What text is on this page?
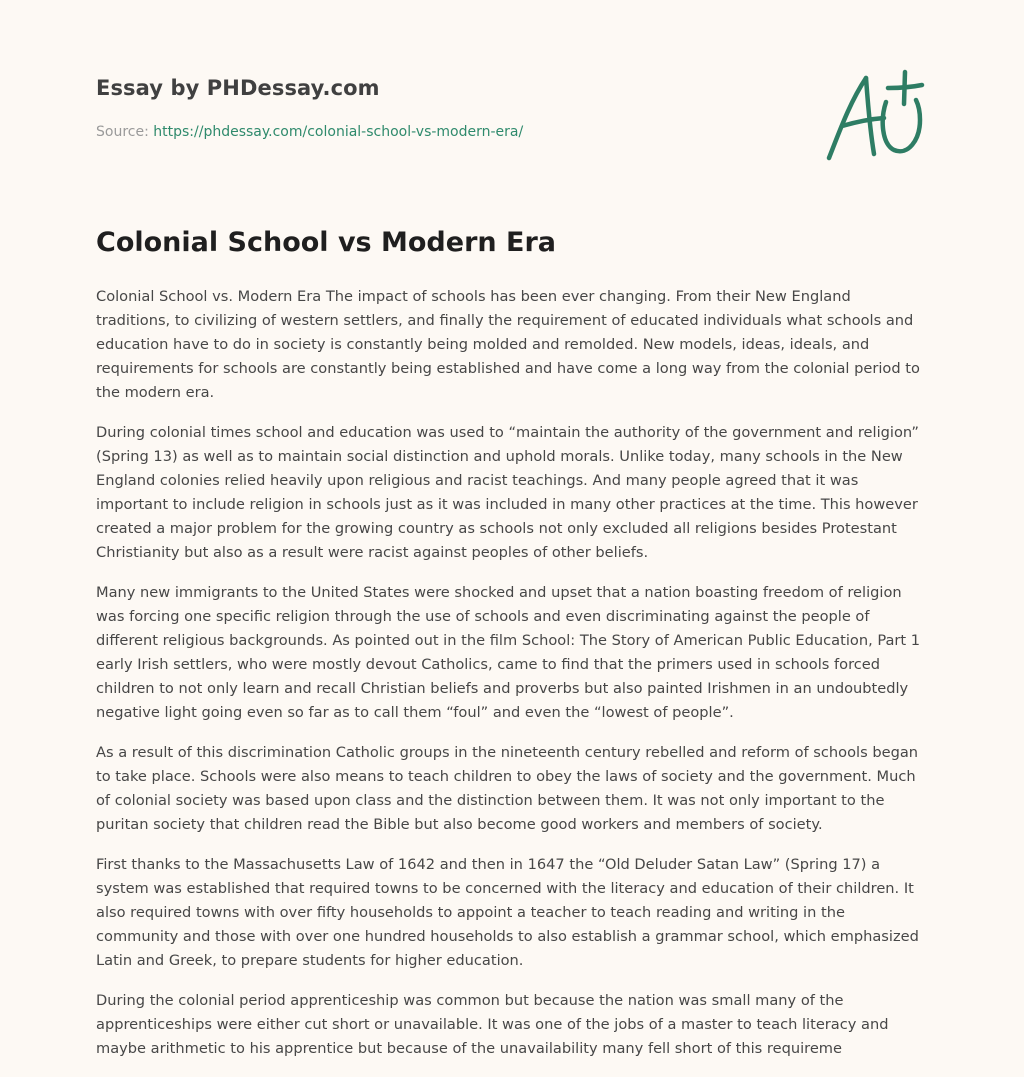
Essay by PHDessay.com
Source: https://phdessay.com/colonial-school-vs-modern-era/
Colonial School vs Modern Era

Colonial School vs. Modern Era The impact of schools has been ever changing. From their New England traditions, to civilizing of western settlers, and finally the requirement of educated individuals what schools and education have to do in society is constantly being molded and remolded. New models, ideas, ideals, and requirements for schools are constantly being established and have come a long way from the colonial period to the modern era.

During colonial times school and education was used to “maintain the authority of the government and religion” (Spring 13) as well as to maintain social distinction and uphold morals. Unlike today, many schools in the New England colonies relied heavily upon religious and racist teachings. And many people agreed that it was important to include religion in schools just as it was included in many other practices at the time. This however created a major problem for the growing country as schools not only excluded all religions besides Protestant Christianity but also as a result were racist against peoples of other beliefs.

Many new immigrants to the United States were shocked and upset that a nation boasting freedom of religion was forcing one specific religion through the use of schools and even discriminating against the people of different religious backgrounds. As pointed out in the film School: The Story of American Public Education, Part 1 early Irish settlers, who were mostly devout Catholics, came to find that the primers used in schools forced children to not only learn and recall Christian beliefs and proverbs but also painted Irishmen in an undoubtedly negative light going even so far as to call them “foul” and even the “lowest of people”.

As a result of this discrimination Catholic groups in the nineteenth century rebelled and reform of schools began to take place. Schools were also means to teach children to obey the laws of society and the government. Much of colonial society was based upon class and the distinction between them. It was not only important to the puritan society that children read the Bible but also become good workers and members of society.

First thanks to the Massachusetts Law of 1642 and then in 1647 the “Old Deluder Satan Law” (Spring 17) a system was established that required towns to be concerned with the literacy and education of their children. It also required towns with over fifty households to appoint a teacher to teach reading and writing in the community and those with over one hundred households to also establish a grammar school, which emphasized Latin and Greek, to prepare students for higher education.

During the colonial period apprenticeship was common but because the nation was small many of the apprenticeships were either cut short or unavailable. It was one of the jobs of a master to teach literacy and maybe arithmetic to his apprentice but because of the unavailability many fell short of this requireme
